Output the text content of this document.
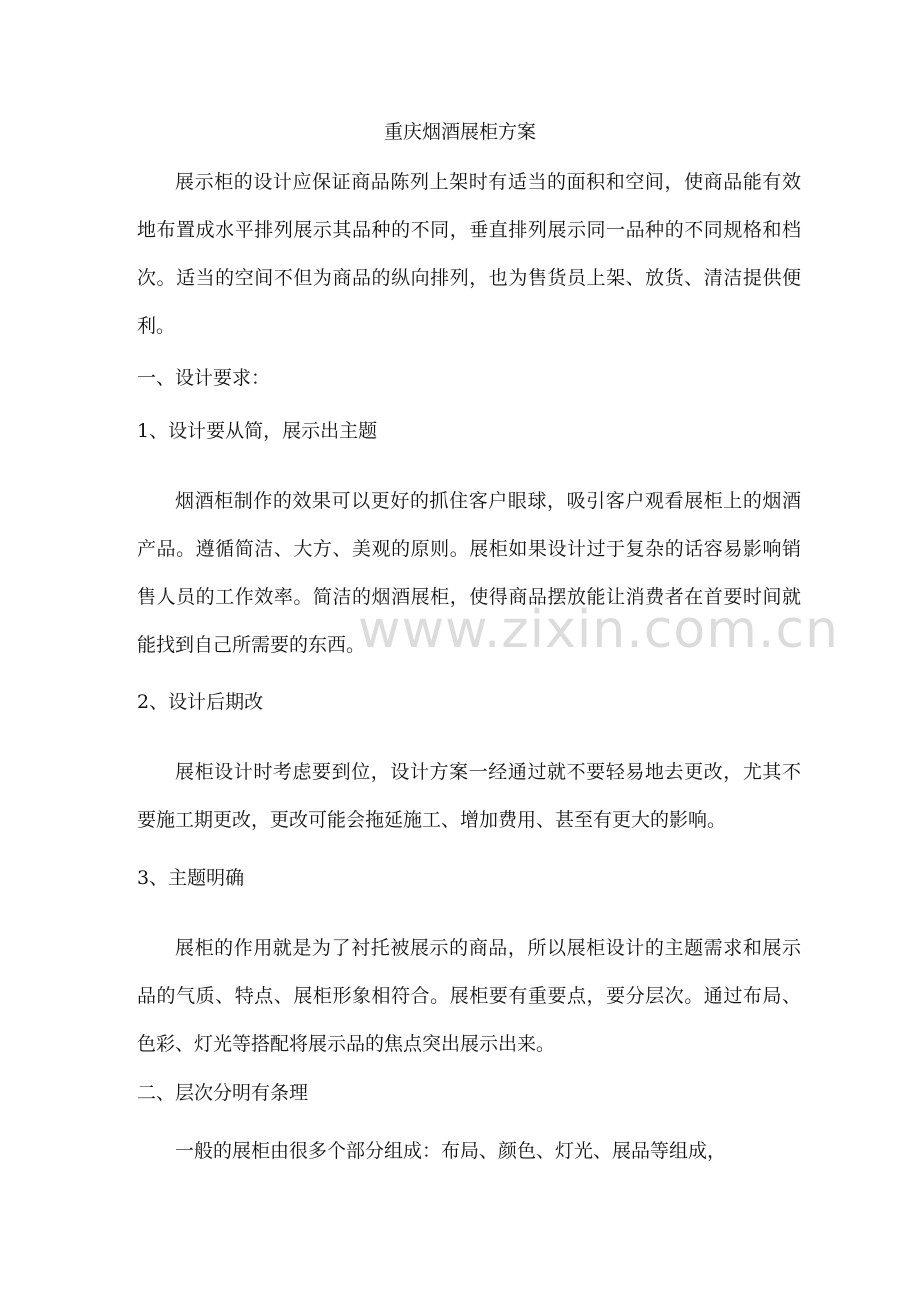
重庆烟酒展柜方案
展示柜的设计应保证商品陈列上架时有适当的面积和空间，使商品能有效地布置成水平排列展示其品种的不同，垂直排列展示同一品种的不同规格和档次。适当的空间不但为商品的纵向排列，也为售货员上架、放货、清洁提供便利。
一、设计要求：
1、设计要从简，展示出主题
烟酒柜制作的效果可以更好的抓住客户眼球，吸引客户观看展柜上的烟酒产品。遵循简洁、大方、美观的原则。展柜如果设计过于复杂的话容易影响销售人员的工作效率。简洁的烟酒展柜，使得商品摆放能让消费者在首要时间就能找到自己所需要的东西。
2、设计后期改
展柜设计时考虑要到位，设计方案一经通过就不要轻易地去更改，尤其不要施工期更改，更改可能会拖延施工、增加费用、甚至有更大的影响。
3、主题明确
展柜的作用就是为了衬托被展示的商品，所以展柜设计的主题需求和展示品的气质、特点、展柜形象相符合。展柜要有重要点，要分层次。通过布局、色彩、灯光等搭配将展示品的焦点突出展示出来。
二、层次分明有条理
一般的展柜由很多个部分组成：布局、颜色、灯光、展品等组成，
www.zixin.com.cn
